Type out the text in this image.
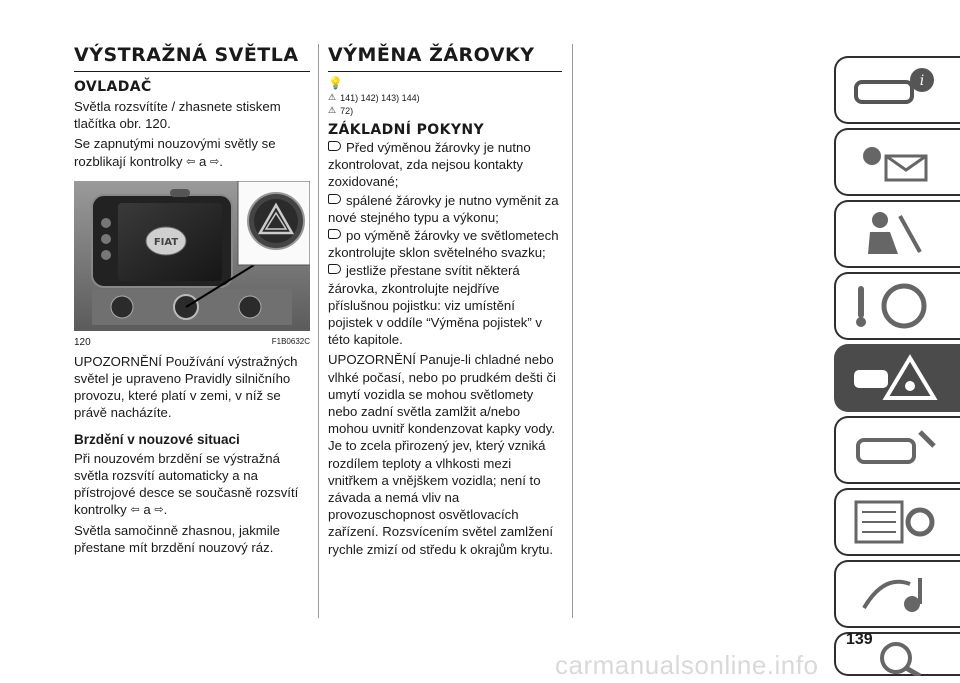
VÝSTRAŽNÁ SVĚTLA
OVLADAČ

Světla rozsvítíte / zhasnete stiskem tlačítka obr. 120.

Se zapnutými nouzovými světly se rozblikají kontrolky ⇦ a ⇨.

FIAT
120	F1B0632C

UPOZORNĚNÍ Používání výstražných světel je upraveno Pravidly silničního provozu, které platí v zemi, v níž se právě nacházíte.

Brzdění v nouzové situaci

Při nouzovém brzdění se výstražná světla rozsvítí automaticky a na přístrojové desce se současně rozsvítí kontrolky ⇦ a ⇨.

Světla samočinně zhasnou, jakmile přestane mít brzdění nouzový ráz.

VÝMĚNA ŽÁROVKY
💡
⚠ 141) 142) 143) 144)
⚠ 72)
ZÁKLADNÍ POKYNY

Před výměnou žárovky je nutno zkontrolovat, zda nejsou kontakty zoxidované;

spálené žárovky je nutno vyměnit za nové stejného typu a výkonu;

po výměně žárovky ve světlometech zkontrolujte sklon světelného svazku;

jestliže přestane svítit některá žárovka, zkontrolujte nejdříve příslušnou pojistku: viz umístění pojistek v oddíle “Výměna pojistek” v této kapitole.

UPOZORNĚNÍ Panuje-li chladné nebo vlhké počasí, nebo po prudkém dešti či umytí vozidla se mohou světlomety nebo zadní světla zamlžit a/nebo mohou uvnitř kondenzovat kapky vody. Je to zcela přirozený jev, který vzniká rozdílem teploty a vlhkosti mezi vnitřkem a vnějškem vozidla; není to závada a nemá vliv na provozuschopnost osvětlovacích zařízení. Rozsvícením světel zamlžení rychle zmizí od středu k okrajům krytu.

i
139
carmanualsonline.info
